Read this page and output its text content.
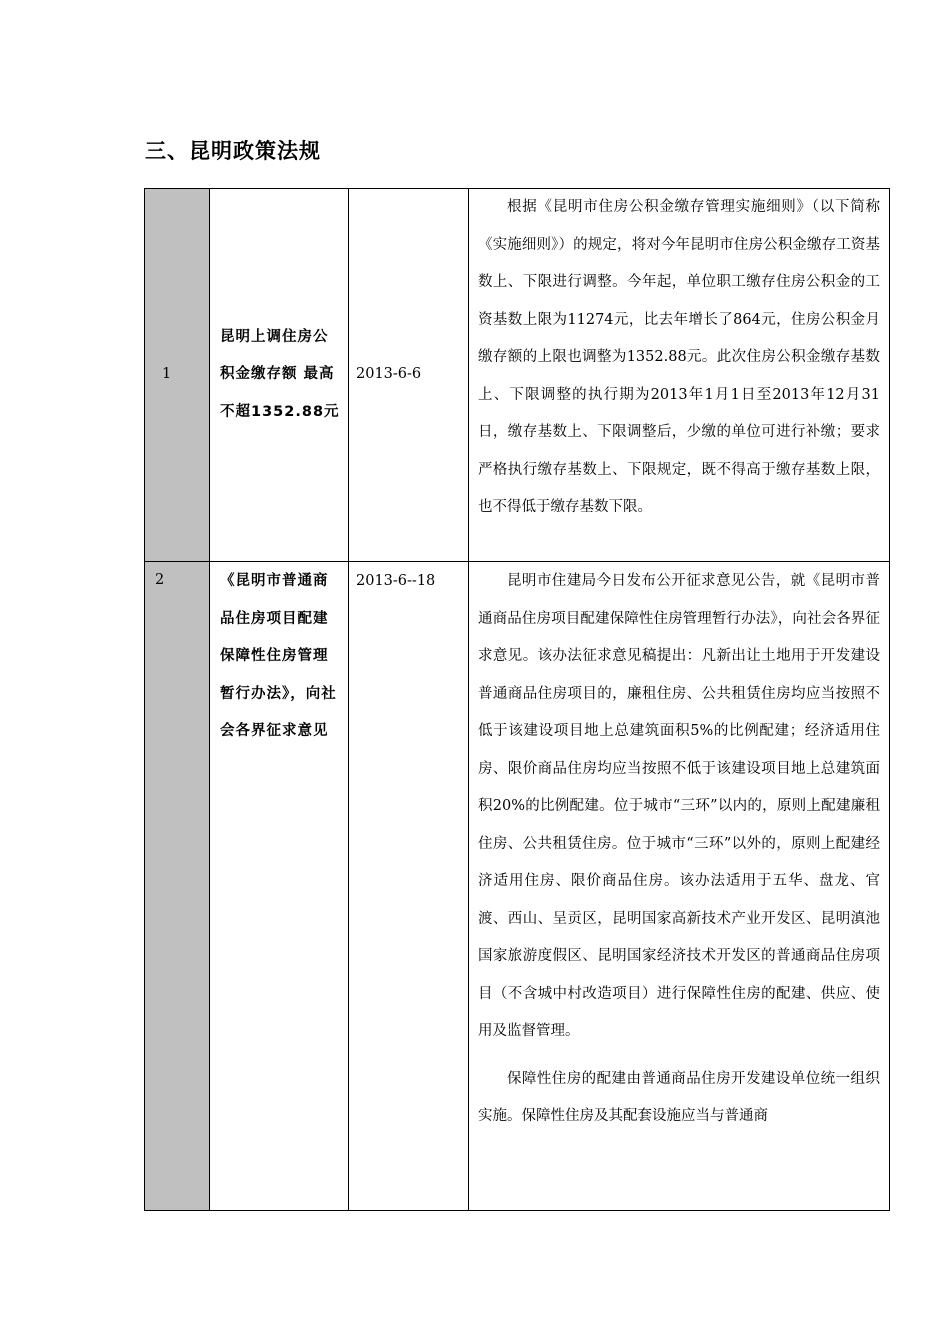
三、昆明政策法规
1	昆明上调住房公积金缴存额 最高不超1352.88元	2013-6-6	根据《昆明市住房公积金缴存管理实施细则》（以下简称《实施细则》）的规定，将对今年昆明市住房公积金缴存工资基数上、下限进行调整。今年起，单位职工缴存住房公积金的工资基数上限为11274元，比去年增长了864元，住房公积金月缴存额的上限也调整为1352.88元。此次住房公积金缴存基数上、下限调整的执行期为2013年1月1日至2013年12月31日，缴存基数上、下限调整后，少缴的单位可进行补缴；要求严格执行缴存基数上、下限规定，既不得高于缴存基数上限，也不得低于缴存基数下限。

2	《昆明市普通商品住房项目配建保障性住房管理暂行办法》，向社会各界征求意见	2013-6--18	昆明市住建局今日发布公开征求意见公告，就《昆明市普通商品住房项目配建保障性住房管理暂行办法》，向社会各界征求意见。该办法征求意见稿提出：凡新出让土地用于开发建设普通商品住房项目的，廉租住房、公共租赁住房均应当按照不低于该建设项目地上总建筑面积5%的比例配建；经济适用住房、限价商品住房均应当按照不低于该建设项目地上总建筑面积20%的比例配建。位于城市“三环”以内的，原则上配建廉租住房、公共租赁住房。位于城市“三环”以外的，原则上配建经济适用住房、限价商品住房。该办法适用于五华、盘龙、官渡、西山、呈贡区，昆明国家高新技术产业开发区、昆明滇池国家旅游度假区、昆明国家经济技术开发区的普通商品住房项目（不含城中村改造项目）进行保障性住房的配建、供应、使用及监督管理。

保障性住房的配建由普通商品住房开发建设单位统一组织实施。保障性住房及其配套设施应当与普通商
